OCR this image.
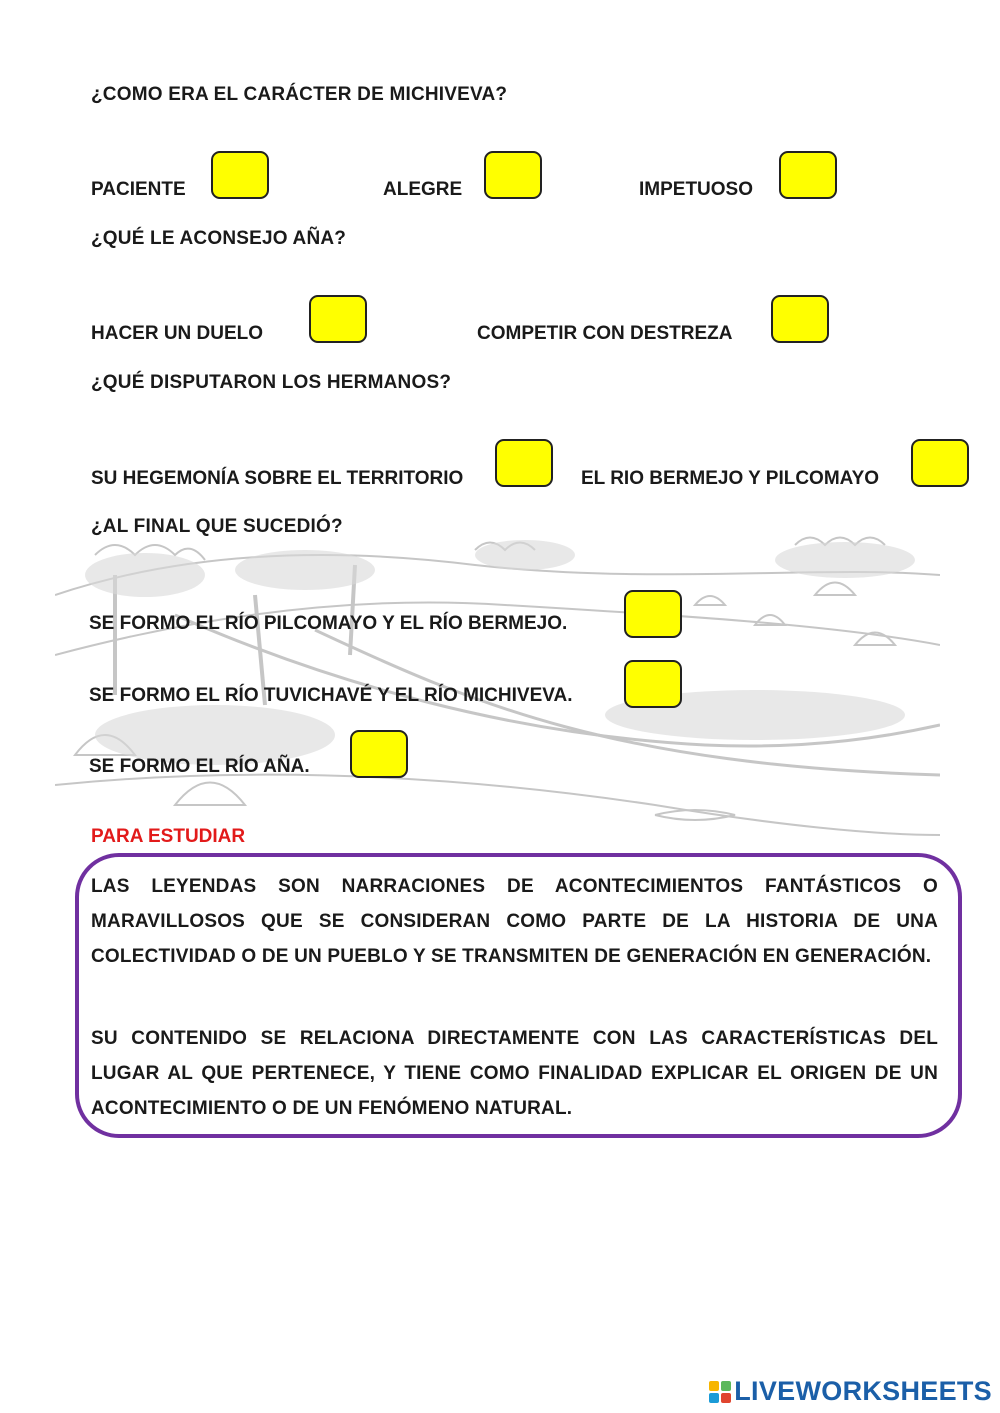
¿COMO ERA EL CARÁCTER DE MICHIVEVA?
PACIENTE	ALEGRE	IMPETUOSO
¿QUÉ LE ACONSEJO AÑA?
HACER UN DUELO	COMPETIR CON DESTREZA
¿QUÉ DISPUTARON LOS HERMANOS?
SU HEGEMONÍA SOBRE EL TERRITORIO	EL RIO BERMEJO Y PILCOMAYO
¿AL FINAL QUE SUCEDIÓ?
SE FORMO EL RÍO PILCOMAYO Y EL RÍO BERMEJO.
SE FORMO EL RÍO TUVICHAVÉ Y EL RÍO MICHIVEVA.
SE FORMO EL RÍO AÑA.
PARA ESTUDIAR
LAS LEYENDAS SON NARRACIONES DE ACONTECIMIENTOS FANTÁSTICOS O MARAVILLOSOS QUE SE CONSIDERAN COMO PARTE DE LA HISTORIA DE UNA COLECTIVIDAD O DE UN PUEBLO Y SE TRANSMITEN DE GENERACIÓN EN GENERACIÓN.
SU CONTENIDO SE RELACIONA DIRECTAMENTE CON LAS CARACTERÍSTICAS DEL LUGAR AL QUE PERTENECE, Y TIENE COMO FINALIDAD EXPLICAR EL ORIGEN DE UN ACONTECIMIENTO O DE UN FENÓMENO NATURAL.
LIVEWORKSHEETS
